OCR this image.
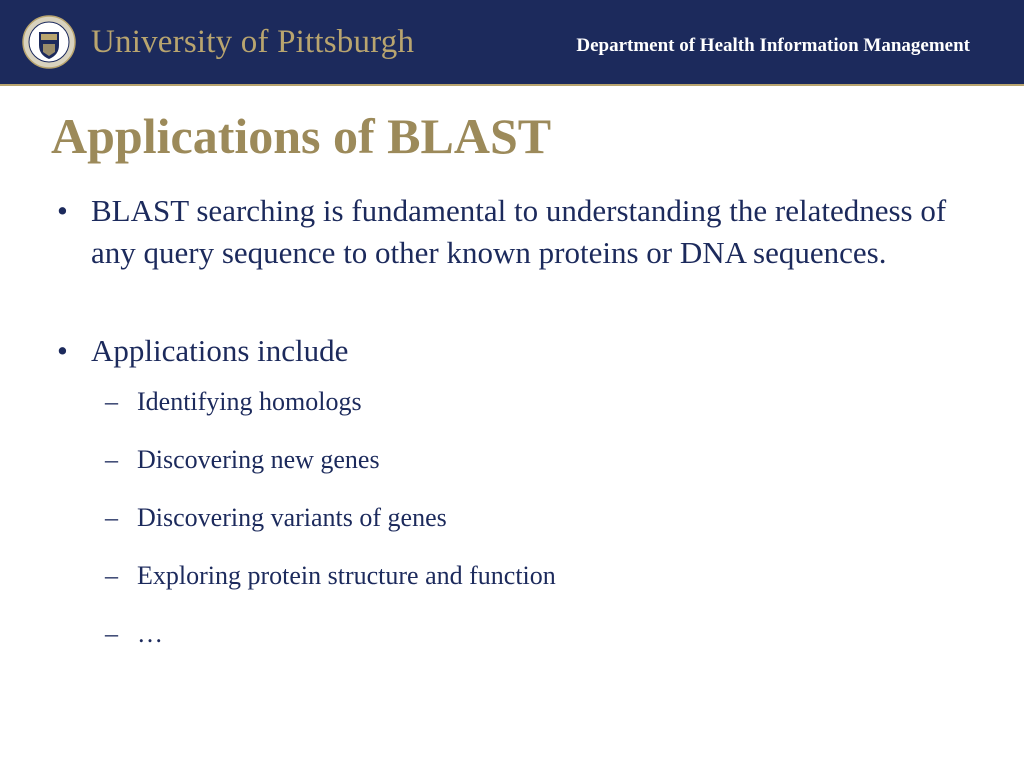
University of Pittsburgh	Department of Health Information Management
Applications of BLAST
• BLAST searching is fundamental to understanding the relatedness of any query sequence to other known proteins or DNA sequences.
• Applications include
– Identifying homologs
– Discovering new genes
– Discovering variants of genes
– Exploring protein structure and function
– …
